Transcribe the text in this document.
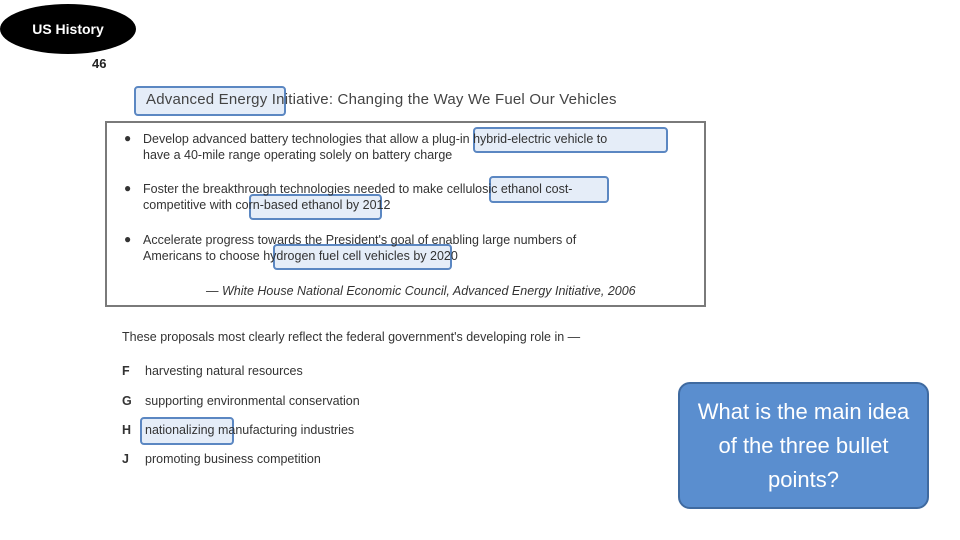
US History
46
Advanced Energy Initiative: Changing the Way We Fuel Our Vehicles
● Develop advanced battery technologies that allow a plug-in hybrid-electric vehicle to
have a 40-mile range operating solely on battery charge
● Foster the breakthrough technologies needed to make cellulosic ethanol cost-
competitive with corn-based ethanol by 2012
● Accelerate progress towards the President's goal of enabling large numbers of
Americans to choose hydrogen fuel cell vehicles by 2020
— White House National Economic Council, Advanced Energy Initiative, 2006
These proposals most clearly reflect the federal government's developing role in —
F harvesting natural resources
G supporting environmental conservation
H nationalizing manufacturing industries
J promoting business competition
What is the main idea of the three bullet points?
